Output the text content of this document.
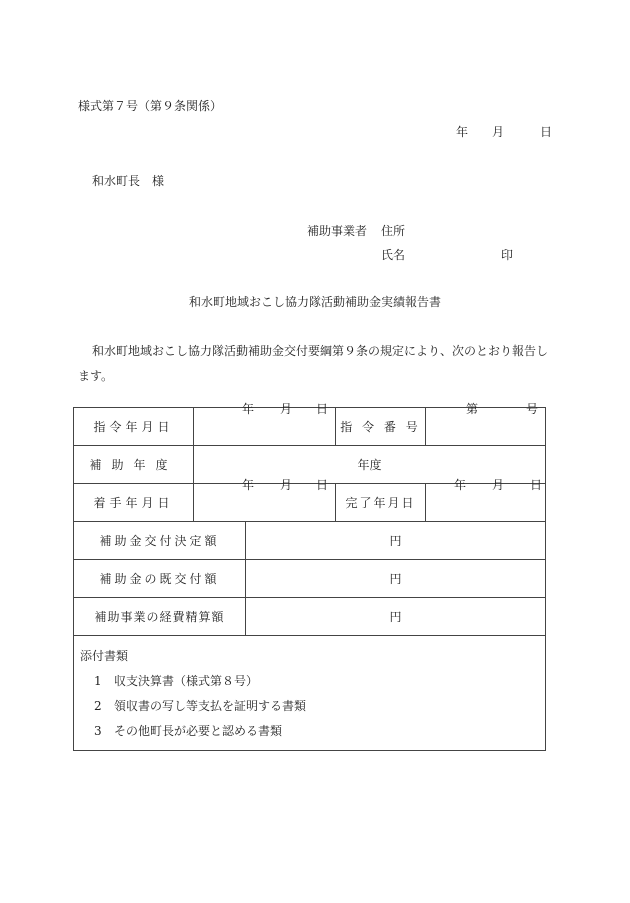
様式第７号（第９条関係）
年 月	日
和水町長　様
補助事業者 住所
氏名	印
和水町地域おこし協力隊活動補助金実績報告書
和水町地域おこし協力隊活動補助金交付要綱第９条の規定により、次のとおり報告します。
指令年月日	年 月 日		指 令 番 号	第 号

補助年度	年度			
着手年月日	年 月 日		完了年月日	年 月 日

補助金交付決定額		円		
補助金の既交付額		円		
補助事業の経費精算額		円		

添付書類
1 収支決算書（様式第８号）
2 領収書の写し等支払を証明する書類
3 その他町長が必要と認める書類				
